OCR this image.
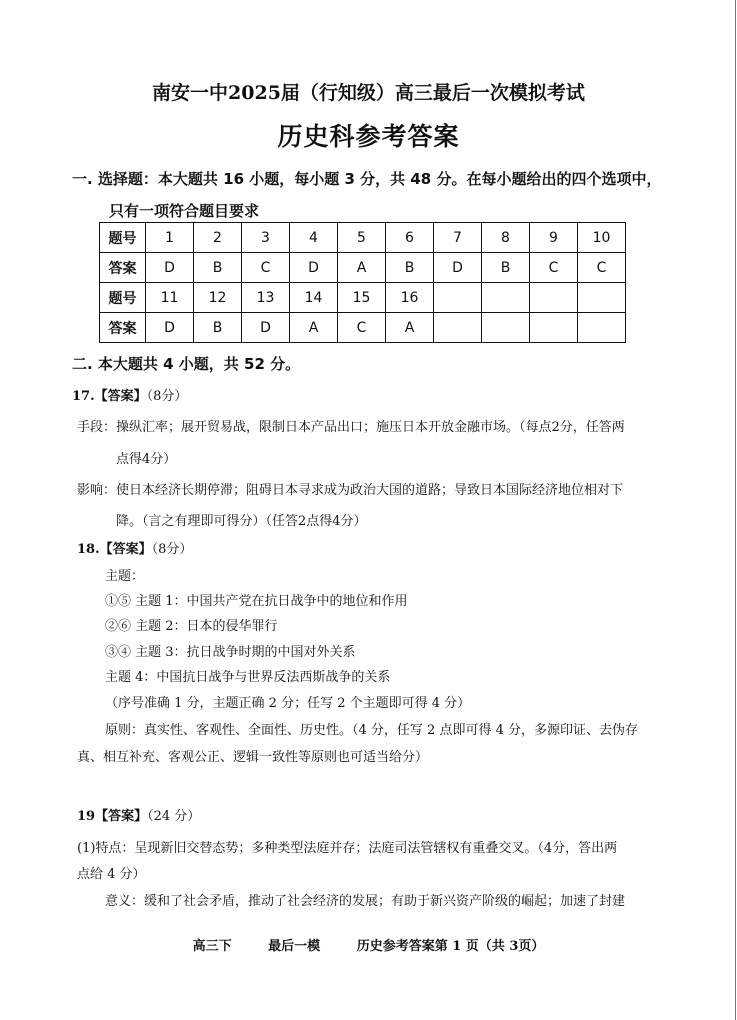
南安一中2025届（行知级）高三最后一次模拟考试
历史科参考答案
一. 选择题：本大题共 16 小题，每小题 3 分，共 48 分。在每小题给出的四个选项中，
只有一项符合题目要求
题号	1	2	3	4	5	6	7	8	9	10
答案	D	B	C	D	A	B	D	B	C	C
题号	11	12	13	14	15	16				
答案	D	B	D	A	C	A				
二. 本大题共 4 小题，共 52 分。
17.【答案】（8分）
手段：操纵汇率；展开贸易战，限制日本产品出口；施压日本开放金融市场。（每点2分，任答两
点得4分）
影响：使日本经济长期停滞；阻碍日本寻求成为政治大国的道路；导致日本国际经济地位相对下
降。（言之有理即可得分）（任答2点得4分）
18.【答案】（8分）
主题：
①⑤ 主题 1：中国共产党在抗日战争中的地位和作用
②⑥ 主题 2：日本的侵华罪行
③④ 主题 3：抗日战争时期的中国对外关系
主题 4：中国抗日战争与世界反法西斯战争的关系
（序号准确 1 分，主题正确 2 分；任写 2 个主题即可得 4 分）
原则：真实性、客观性、全面性、历史性。（4 分，任写 2 点即可得 4 分，多源印证、去伪存
真、相互补充、客观公正、逻辑一致性等原则也可适当给分）
19【答案】（24 分）
(1)特点：呈现新旧交替态势；多种类型法庭并存；法庭司法管辖权有重叠交叉。（4分，答出两
点给 4 分）
意义：缓和了社会矛盾，推动了社会经济的发展；有助于新兴资产阶级的崛起；加速了封建
高三下	最后一模	历史参考答案第 1 页（共 3页）
